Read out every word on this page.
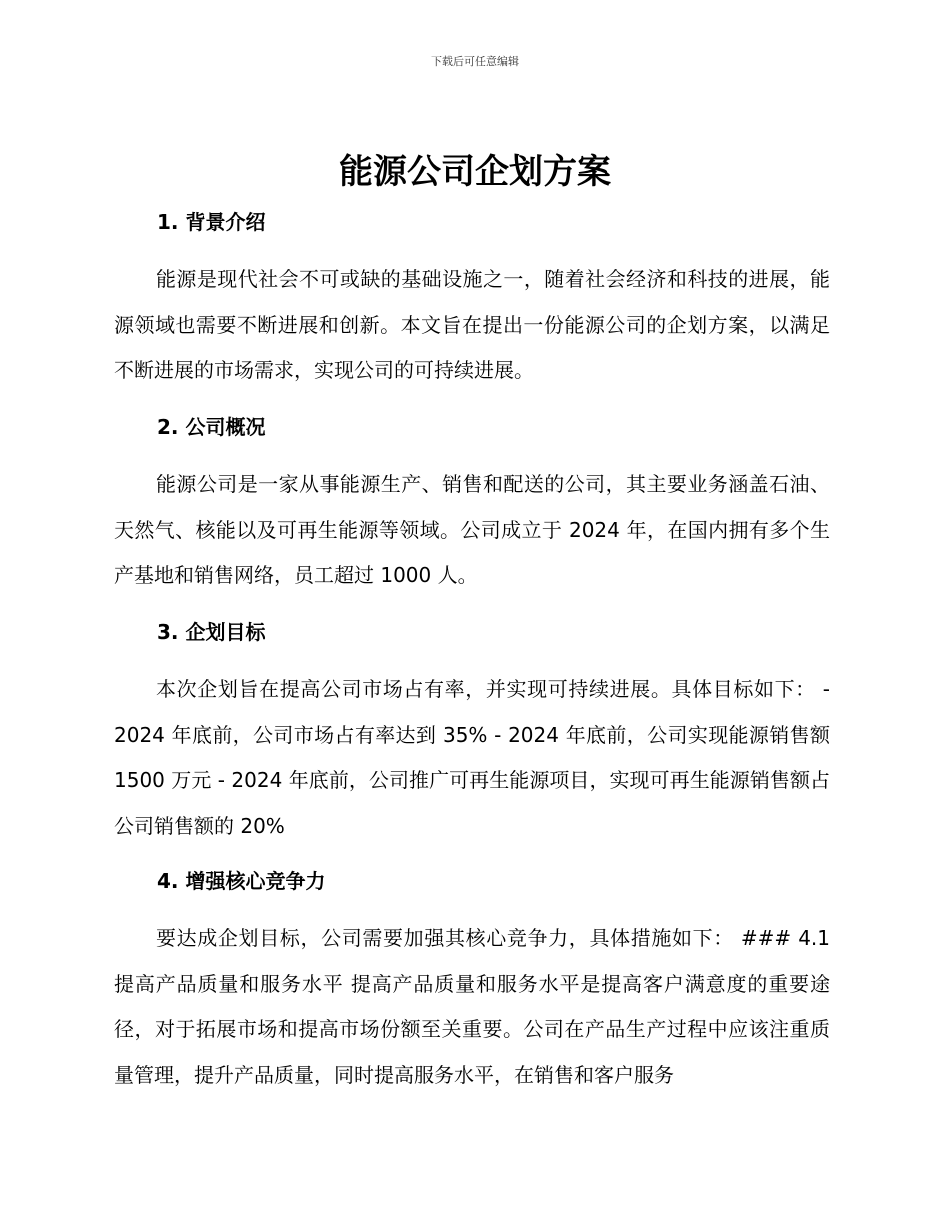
下载后可任意编辑
能源公司企划方案
1. 背景介绍

能源是现代社会不可或缺的基础设施之一，随着社会经济和科技的进展，能源领域也需要不断进展和创新。本文旨在提出一份能源公司的企划方案，以满足不断进展的市场需求，实现公司的可持续进展。

2. 公司概况

能源公司是一家从事能源生产、销售和配送的公司，其主要业务涵盖石油、天然气、核能以及可再生能源等领域。公司成立于 2024 年，在国内拥有多个生产基地和销售网络，员工超过 1000 人。

3. 企划目标

本次企划旨在提高公司市场占有率，并实现可持续进展。具体目标如下： - 2024 年底前，公司市场占有率达到 35% - 2024 年底前，公司实现能源销售额 1500 万元 - 2024 年底前，公司推广可再生能源项目，实现可再生能源销售额占公司销售额的 20%

4. 增强核心竞争力

要达成企划目标，公司需要加强其核心竞争力，具体措施如下： ### 4.1 提高产品质量和服务水平 提高产品质量和服务水平是提高客户满意度的重要途径，对于拓展市场和提高市场份额至关重要。公司在产品生产过程中应该注重质量管理，提升产品质量，同时提高服务水平，在销售和客户服务
